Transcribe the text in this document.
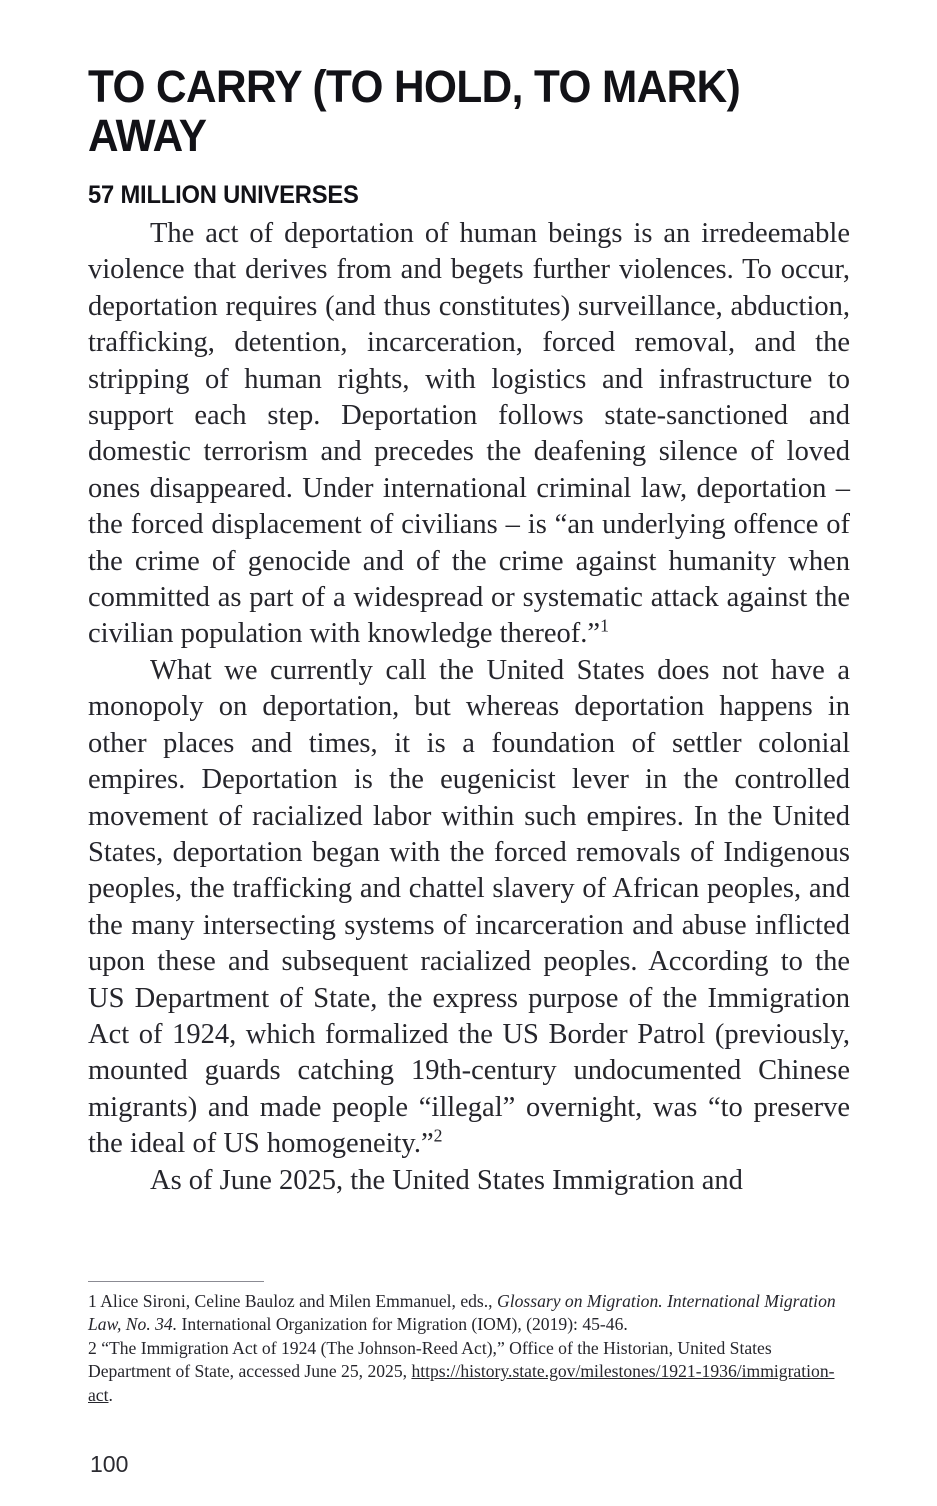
TO CARRY (TO HOLD, TO MARK) AWAY
57 MILLION UNIVERSES

The act of deportation of human beings is an irredeemable violence that derives from and begets further violences. To occur, deportation requires (and thus constitutes) surveillance, abduction, trafficking, detention, incarceration, forced removal, and the stripping of human rights, with logistics and infrastructure to support each step. Deportation follows state-sanctioned and domestic terrorism and precedes the deafening silence of loved ones disappeared. Under international criminal law, deportation – the forced displacement of civilians – is “an underlying offence of the crime of genocide and of the crime against humanity when committed as part of a widespread or systematic attack against the civilian population with knowledge thereof.”$^1$

What we currently call the United States does not have a monopoly on deportation, but whereas deportation happens in other places and times, it is a foundation of settler colonial empires. Deportation is the eugenicist lever in the controlled movement of racialized labor within such empires. In the United States, deportation began with the forced removals of Indigenous peoples, the trafficking and chattel slavery of African peoples, and the many intersecting systems of incarceration and abuse inflicted upon these and subsequent racialized peoples. According to the US Department of State, the express purpose of the Immigration Act of 1924, which formalized the US Border Patrol (previously, mounted guards catching 19th-century undocumented Chinese migrants) and made people “illegal” overnight, was “to preserve the ideal of US homogeneity.”$^2$

As of June 2025, the United States Immigration and

1 Alice Sironi, Celine Bauloz and Milen Emmanuel, eds., Glossary on Migration. International Migration Law, No. 34. International Organization for Migration (IOM), (2019): 45-46.

2 “The Immigration Act of 1924 (The Johnson-Reed Act),” Office of the Historian, United States Department of State, accessed June 25, 2025, https://history.state.gov/milestones/1921-1936/immigration-act.

100
